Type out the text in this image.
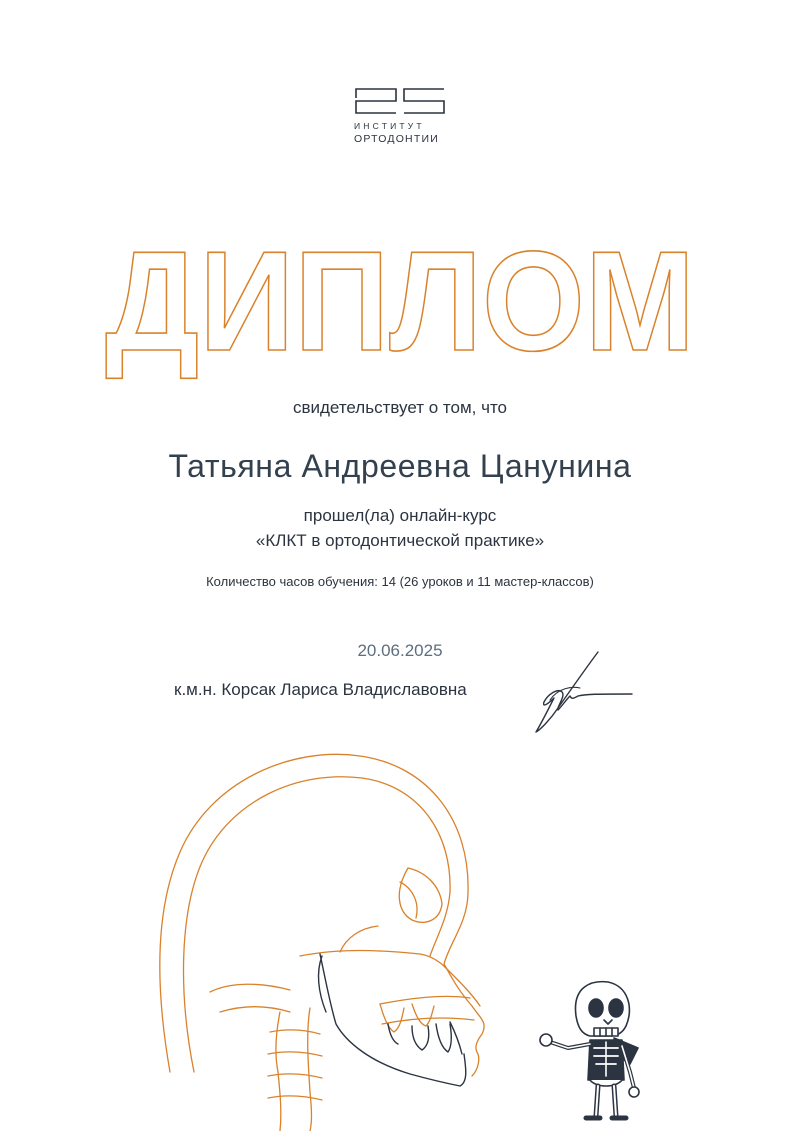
ИНСТИТУТ
ОРТОДОНТИИ
ДИПЛОМ
свидетельствует о том, что
Татьяна Андреевна Цанунина
прошел(ла) онлайн-курс
«КЛКТ в ортодонтической практике»
Количество часов обучения: 14 (26 уроков и 11 мастер-классов)
20.06.2025
к.м.н. Корсак Лариса Владиславовна
